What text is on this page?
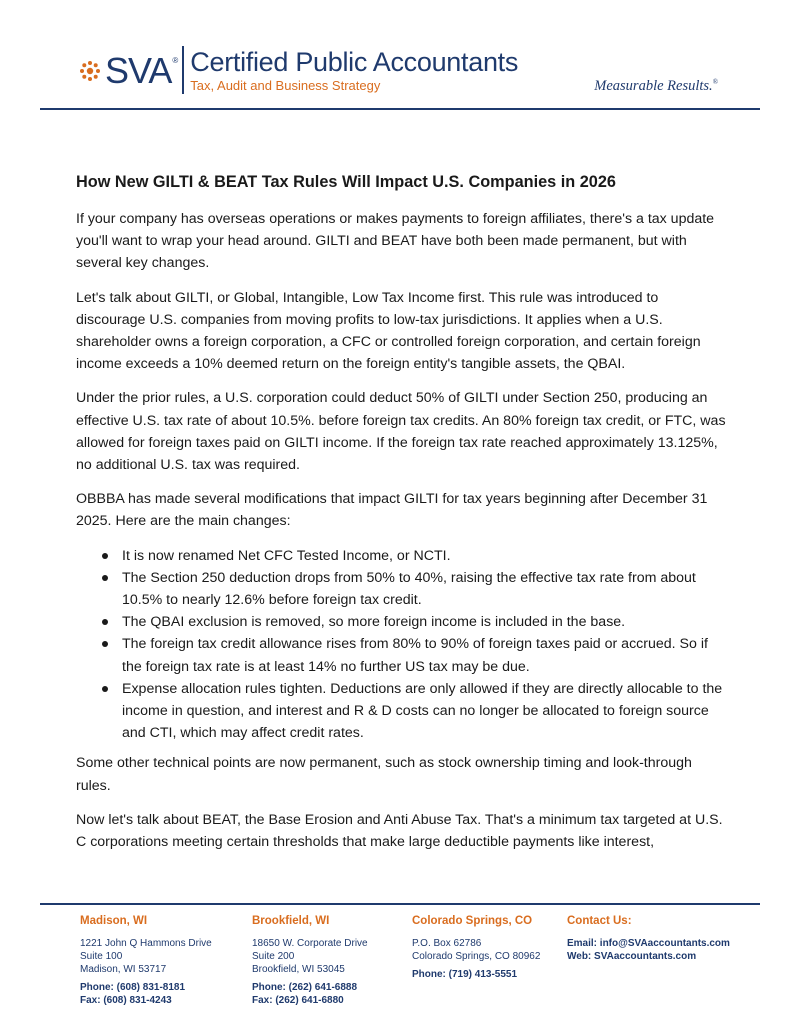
SVA ® Certified Public Accountants
Tax, Audit and Business Strategy	Measurable Results.®
How New GILTI & BEAT Tax Rules Will Impact U.S. Companies in 2026

If your company has overseas operations or makes payments to foreign affiliates, there's a tax update you'll want to wrap your head around. GILTI and BEAT have both been made permanent, but with several key changes.

Let's talk about GILTI, or Global, Intangible, Low Tax Income first. This rule was introduced to discourage U.S. companies from moving profits to low-tax jurisdictions. It applies when a U.S. shareholder owns a foreign corporation, a CFC or controlled foreign corporation, and certain foreign income exceeds a 10% deemed return on the foreign entity's tangible assets, the QBAI.

Under the prior rules, a U.S. corporation could deduct 50% of GILTI under Section 250, producing an effective U.S. tax rate of about 10.5%. before foreign tax credits. An 80% foreign tax credit, or FTC, was allowed for foreign taxes paid on GILTI income. If the foreign tax rate reached approximately 13.125%, no additional U.S. tax was required.

OBBBA has made several modifications that impact GILTI for tax years beginning after December 31 2025. Here are the main changes:

It is now renamed Net CFC Tested Income, or NCTI.
The Section 250 deduction drops from 50% to 40%, raising the effective tax rate from about 10.5% to nearly 12.6% before foreign tax credit.
The QBAI exclusion is removed, so more foreign income is included in the base.
The foreign tax credit allowance rises from 80% to 90% of foreign taxes paid or accrued. So if the foreign tax rate is at least 14% no further US tax may be due.
Expense allocation rules tighten. Deductions are only allowed if they are directly allocable to the income in question, and interest and R & D costs can no longer be allocated to foreign source and CTI, which may affect credit rates.

Some other technical points are now permanent, such as stock ownership timing and look-through rules.

Now let's talk about BEAT, the Base Erosion and Anti Abuse Tax. That's a minimum tax targeted at U.S. C corporations meeting certain thresholds that make large deductible payments like interest,

Madison, WI
1221 John Q Hammons Drive
Suite 100
Madison, WI 53717
Phone: (608) 831-8181
Fax: (608) 831-4243
Brookfield, WI
18650 W. Corporate Drive
Suite 200
Brookfield, WI 53045
Phone: (262) 641-6888
Fax: (262) 641-6880
Colorado Springs, CO
P.O. Box 62786
Colorado Springs, CO 80962
Phone: (719) 413-5551
Contact Us:
Email: info@SVAaccountants.com
Web: SVAaccountants.com
